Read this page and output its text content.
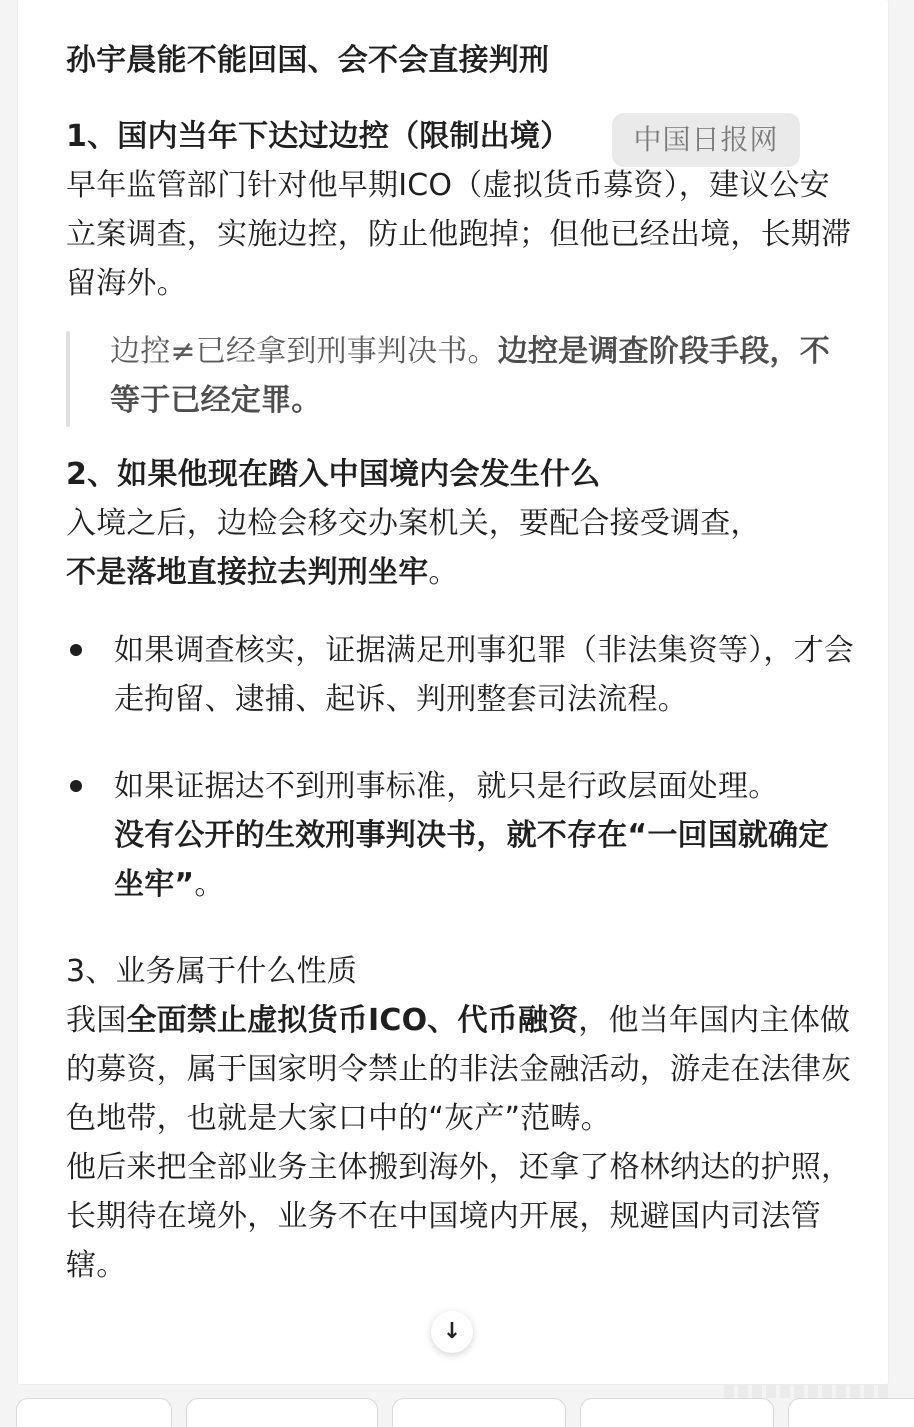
孙宇晨能不能回国、会不会直接判刑

1、国内当年下达过边控（限制出境）

早年监管部门针对他早期ICO（虚拟货币募资），建议公安立案调查，实施边控，防止他跑掉；但他已经出境，长期滞留海外。

边控≠已经拿到刑事判决书。边控是调查阶段手段，不等于已经定罪。

2、如果他现在踏入中国境内会发生什么

入境之后，边检会移交办案机关，要配合接受调查，
不是落地直接拉去判刑坐牢。

如果调查核实，证据满足刑事犯罪（非法集资等），才会走拘留、逮捕、起诉、判刑整套司法流程。
如果证据达不到刑事标准，就只是行政层面处理。
没有公开的生效刑事判决书，就不存在“一回国就确定坐牢”。

3、业务属于什么性质

我国全面禁止虚拟货币ICO、代币融资，他当年国内主体做的募资，属于国家明令禁止的非法金融活动，游走在法律灰色地带，也就是大家口中的“灰产”范畴。

他后来把全部业务主体搬到海外，还拿了格林纳达的护照，长期待在境外，业务不在中国境内开展，规避国内司法管辖。

中国日报网
↓
